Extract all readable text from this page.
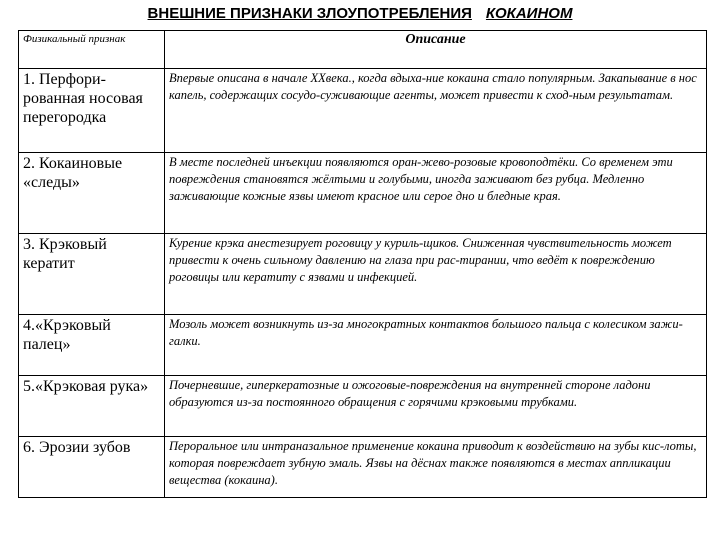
ВНЕШНИЕ ПРИЗНАКИ ЗЛОУПОТРЕБЛЕНИЯ КОКАИНОМ
Физикальный признак	Описание
1. Перфори-рованная носовая перегородка	Впервые описана в начале XXвека., когда вдыха-ние кокаина стало популярным. Закапывание в нос капель, содержащих сосудо-суживающие агенты, может привести к сход-ным результатам.
2. Кокаиновые «следы»	В месте последней инъекции появляются оран-жево-розовые кровоподтёки. Со временем эти повреждения становятся жёлтыми и голубыми, иногда заживают без рубца. Медленно заживающие кожные язвы имеют красное или серое дно и бледные края.
3. Крэковый кератит	Курение крэка анестезирует роговицу у куриль-щиков. Сниженная чувствительность может привести к очень сильному давлению на глаза при рас-тирании, что ведёт к повреждению роговицы или кератиту с язвами и инфекцией.
4.«Крэковый палец»	Мозоль может возникнуть из-за многократных контактов большого пальца с колесиком зажи-галки.
5.«Крэковая рука»	Почерневшие, гиперкератозные и ожоговые-повреждения на внутренней стороне ладони образуются из-за постоянного обращения с горячими крэковыми трубками.
6. Эрозии зубов	Пероральное или интраназальное применение кокаина приводит к воздействию на зубы кис-лоты, которая повреждает зубную эмаль. Язвы на дёснах также появляются в местах аппликации вещества (кокаина).
